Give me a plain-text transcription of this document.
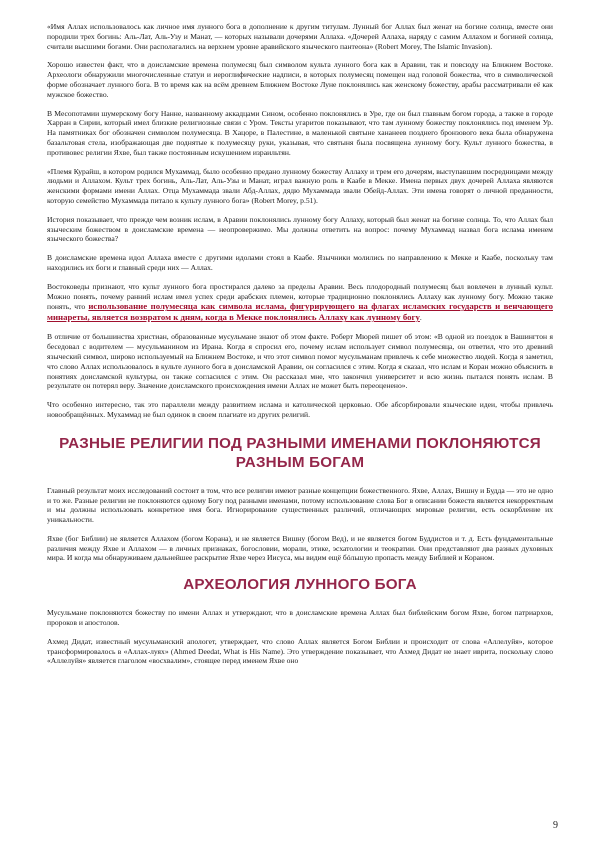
«Имя Аллах использовалось как личное имя лунного бога в дополнение к другим титулам. Лунный бог Аллах был женат на богине солнца, вместе они породили трех богинь: Аль-Лат, Аль-Узу и Манат, — которых называли дочерями Аллаха. «Дочерей Аллаха, наряду с самим Аллахом и богиней солнца, считали высшими богами. Они располагались на верхнем уровне аравийского языческого пантеона» (Robert Morey, The Islamic Invasion).

Хорошо известен факт, что в доисламские времена полумесяц был символом культа лунного бога как в Аравии, так и повсюду на Ближнем Востоке. Археологи обнаружили многочисленные статуи и иероглифические надписи, в которых полумесяц помещен над головой божества, что в символической форме обозначает лунного бога. В то время как на всём древнем Ближнем Востоке Луне поклонялись как женскому божеству, арабы рассматривали её как мужское божество.

В Месопотамии шумерскому богу Нанне, названному аккадцами Сином, особенно поклонялись в Уре, где он был главным богом города, а также в городе Харран в Сирии, который имел близкие религиозные связи с Уром. Тексты угаритов показывают, что там лунному божеству поклонялись под именем Ур. На памятниках бог обозначен символом полумесяца. В Хацоре, в Палестине, в маленькой святыне хананеев позднего бронзового века была обнаружена базальтовая стела, изображающая две поднятые к полумесяцу руки, указывая, что святыня была посвящена лунному богу. Культ лунного божества, в противовес религии Яхве, был также постоянным искушением израильтян.

«Племя Курайш, в котором родился Мухаммад, было особенно предано лунному божеству Аллаху и трем его дочерям, выступавшим посредницами между людьми и Аллахом. Культ трех богинь, Аль-Лат, Аль-Узы и Манат, играл важную роль в Каабе в Мекке. Имена первых двух дочерей Аллаха являются женскими формами имени Аллах. Отца Мухаммада звали Абд-Аллах, дядю Мухаммада звали Обейд-Аллах. Эти имена говорят о личной преданности, которую семейство Мухаммада питало к культу лунного бога» (Robert Morey, p.51).

История показывает, что прежде чем возник ислам, в Аравии поклонялись лунному богу Аллаху, который был женат на богине солнца. То, что Аллах был языческим божеством в доисламские времена — неопровержимо. Мы должны ответить на вопрос: почему Мухаммад назвал бога ислама именем языческого божества?

В доисламские времена идол Аллаха вместе с другими идолами стоял в Каабе. Язычники молились по направлению к Мекке и Каабе, поскольку там находились их боги и главный среди них — Аллах.

Востоковеды признают, что культ лунного бога простирался далеко за пределы Аравии. Весь плодородный полумесяц был вовлечен в лунный культ. Можно понять, почему ранний ислам имел успех среди арабских племен, которые традиционно поклонялись Аллаху как лунному богу. Можно также понять, что использование полумесяца как символа ислама, фигурирующего на флагах исламских государств и венчающего минареты, является возвратом к дням, когда в Мекке поклонялись Аллаху как лунному богу.

В отличие от большинства христиан, образованные мусульмане знают об этом факте. Роберт Мюрей пишет об этом: «В одной из поездок в Вашингтон я беседовал с водителем — мусульманином из Ирана. Когда я спросил его, почему ислам использует символ полумесяца, он ответил, что это древний языческий символ, широко используемый на Ближнем Востоке, и что этот символ помог мусульманам привлечь к себе множество людей. Когда я заметил, что слово Аллах использовалось в культе лунного бога в доисламской Аравии, он согласился с этим. Когда я сказал, что ислам и Коран можно объяснить в понятиях доисламской культуры, он также согласился с этим. Он рассказал мне, что закончил университет и всю жизнь пытался понять ислам. В результате он потерял веру. Значение доисламского происхождения имени Аллах не может быть переоценено».

Что особенно интересно, так это параллели между развитием ислама и католической церковью. Обе абсорбировали языческие идеи, чтобы привлечь новообращённых. Мухаммад не был одинок в своем плагиате из других религий.

РАЗНЫЕ РЕЛИГИИ ПОД РАЗНЫМИ ИМЕНАМИ ПОКЛОНЯЮТСЯ РАЗНЫМ БОГАМ

Главный результат моих исследований состоит в том, что все религии имеют разные концепции божественного. Яхве, Аллах, Вишну и Будда — это не одно и то же. Разные религии не поклоняются одному Богу под разными именами, потому использование слова Бог в описании божеств является некорректным и мы должны использовать конкретное имя бога. Игнорирование существенных различий, отличающих мировые религии, есть оскорбление их уникальности.

Яхве (бог Библии) не является Аллахом (богом Корана), и не является Вишну (богом Вед), и не является богом Буддистов и т. д. Есть фундаментальные различия между Яхве и Аллахом — в личных признаках, богословии, морали, этике, эсхатологии и теократии. Они представляют два разных духовных мира. И когда мы обнаруживаем дальнейшее раскрытие Яхве через Иисуса, мы видим ещё бóльшую пропасть между Библией и Кораном.

АРХЕОЛОГИЯ ЛУННОГО БОГА

Мусульмане поклоняются божеству по имени Аллах и утверждают, что в доисламские времена Аллах был библейским богом Яхве, богом патриархов, пророков и апостолов.

Ахмед Дидат, известный мусульманский апологет, утверждает, что слово Аллах является Богом Библии и происходит от слова «Аллелуйя», которое трансформировалось в «Аллах-луях» (Ahmed Deedat, What is His Name). Это утверждение показывает, что Ахмед Дидат не знает иврита, поскольку слово «Аллелуйя» является глаголом «восхвалим», стоящее перед именем Яхве оно

9
